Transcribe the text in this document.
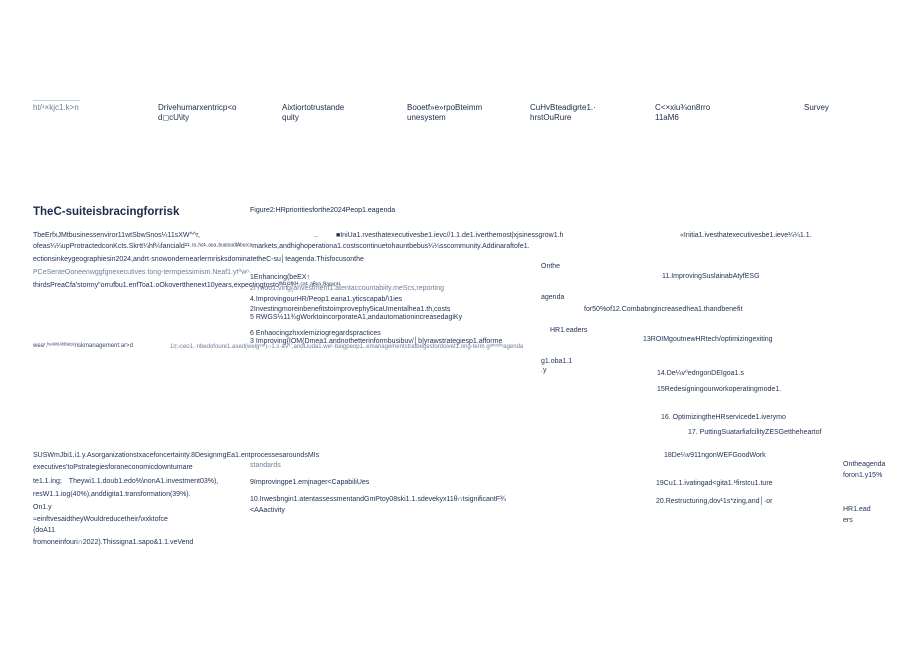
ht/¹×kjc1.k>n	Drivehumarxentricp<o
d◻cU\ity
Aixtiortotrustande
quity
Booetf»e»rpoBteimm
unesystem
CuHvBteadigrte1.·
hrstOuRure
C<×xiu¾on8rro
11aM6
Survey
TheC-suiteisbracingforrisk	Figure2:HRprioritiesforthe2024Peop1.eagenda
TbeErfxJMtbusinessenviror11wtSbwSnos¼11sXW^^r,	..	■IniUa1.rvesthatexecutivesbe1.ievc//1.1.de1.iverthemost|xjsinessgrow1.h	«Initia1.ivesthatexecutivesbe1.ieve¼¼1.1.
ofeas¼¼upProtractedconKcts.Skrtt¼hf¼fanciald²¹·ʳᵃ·ʰᵉ¹·ᵃᵉᵃ·ᵇᵘᵃᵗᵉᵘᵈᴵᴬᵇᵘʳᶜᵃmarkets,andhighoperationa1.costscontinuetohauntbebus¼¼sscommunity.Addinaraftofe1.
ectionsinkeygeographiesin2024,andrt·snowondernearlermrisksdominatetheC-su│teagenda.Thisfocusonthe
PCeSenteOoneenwggfgnexecutives tong-termpessimism.Neaf1.yt⁰wᵒ·
thirdsPreaCfa'stormy"orrufbu1.enfToa1.oOkovertthenext10years,expectingtostoᶠᴹ¹/²ᶠᴷᴴ·ᶜᵃ¹·ᵃᴮᵉᵃ·ᴮᵃᵖᵉᵖᵗ¹
1Enhancing(beEX↑
2IYnoo1.ving{anvestment1.atentaccountabiity.meScs,reporting
4.ImprovingourHR/Peop1.eana1.yticscapab/\1ies
2Investingmoreinbenefitstoimprovephy5icaUmentalhea1.th,costs
5 RWGS½11¾gWorktoincorporateA1,andautomationincreasedagiKy
6 Enhaocingzhxxlemiziogregardspractices
3 Improving{IOM(Dmea1.andnothetterinformbusibuv/│b|yrawstrategiesp1.afforme
Onthe
agenda
for50%of12.Combabngincreasedhea1.thandbenefit
HR1.eaders
g1.oba1.1
.y
11.ImprovingSuslainabAtyfESG
13ROIMgoutnewHRtech/optimizingexiting
14.De¼v⁰edngonDEIgoa1.s
15Redesigningourworkoperatingmode1.
16. OptimizingtheHRservicede1.iverymo
17. PuttingSuatarfiafcilityZESGettheheartof
18De¼v911ngonWEFGoodWork
19Cu1.1.ivatingad<gita1.¹firstcu1.ture
20.Restructuring,dov¹1s*zing,and│·or
Ontheagenda
foron1.y15%
HR1.ead
ers
weaʳ,ʰᵉᴬᴹ¹ᴬᵇᴮᵃᵗᵖ²riskmanagement:ar>d	1r▷ceo1.·nbedofoure1.ased(welgᵉᵃᵗ)∩1.s·aV¹′,andLiuda1.we¹·baigpeop1..emanagementstratbegesfordoivet1.ong-term gᵃᵐᵃᵗʰˢagenda
SUSWmJbi1.i1.y.Asorganizationstxacefoncertainty.8DesignmgEa1.entprocessesaroundsMIs
standards
executives'toPstrategiesforaneconomicdowntumare
te1.1.ing;　Theywi1.1.doub1.edo%\nonA1.investment03%),	9Improvingpe1.emjnager<CapabiliUes
resW1.1.iog(40%),anddigita1.transformation(39%).
10.Irwesbngin1.atentassessmentandGmPtoy08ski1.1.sdevekyx11θ∩tsignificantF¾
On1.y	<AAactivity
≈einftvesaidtheyWouldreducetheir/\xxktofce
{doA11
fromoneinfouri∩2022).Thissigna1.sapo&1.1.veVend
